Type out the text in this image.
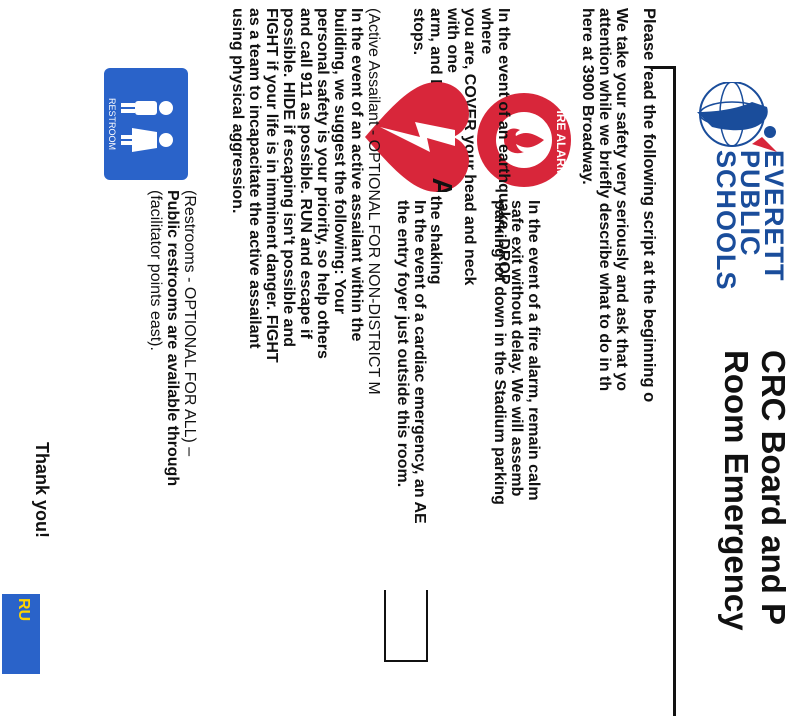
EVERETT
PUBLIC
SCHOOLS
CRC Board and P
Room Emergency
Please read the following script at the beginning o
We take your safety very seriously and ask that yo
attention while we briefly describe what to do in th
here at 3900 Broadway.
FIRE ALARM
In the event of a fire alarm, remain calm
safe exit without delay. We will assemb
parking lot down in the Stadium parking
In the event of an earthquake, DROP where
you are, COVER your head and neck with one
arm, and the shaking stops.
In the event of a cardiac emergency, an AE
the entry foyer just outside this room.
(Active Assailant - OPTIONAL FOR NON-DISTRICT M
In the event of an active assailant within the
building, we suggest the following: Your
personal safety is your priority, so help others
and call 911 as possible. RUN and escape if
possible. HIDE if escaping isn't possible and
FIGHT if your life is in imminent danger. FIGHT
as a team to incapacitate the active assailant
using physical aggression.
RESTROOM
(Restrooms - OPTIONAL FOR ALL) –
Public restrooms are available through
(facilitator points east).
Thank you!
RU
